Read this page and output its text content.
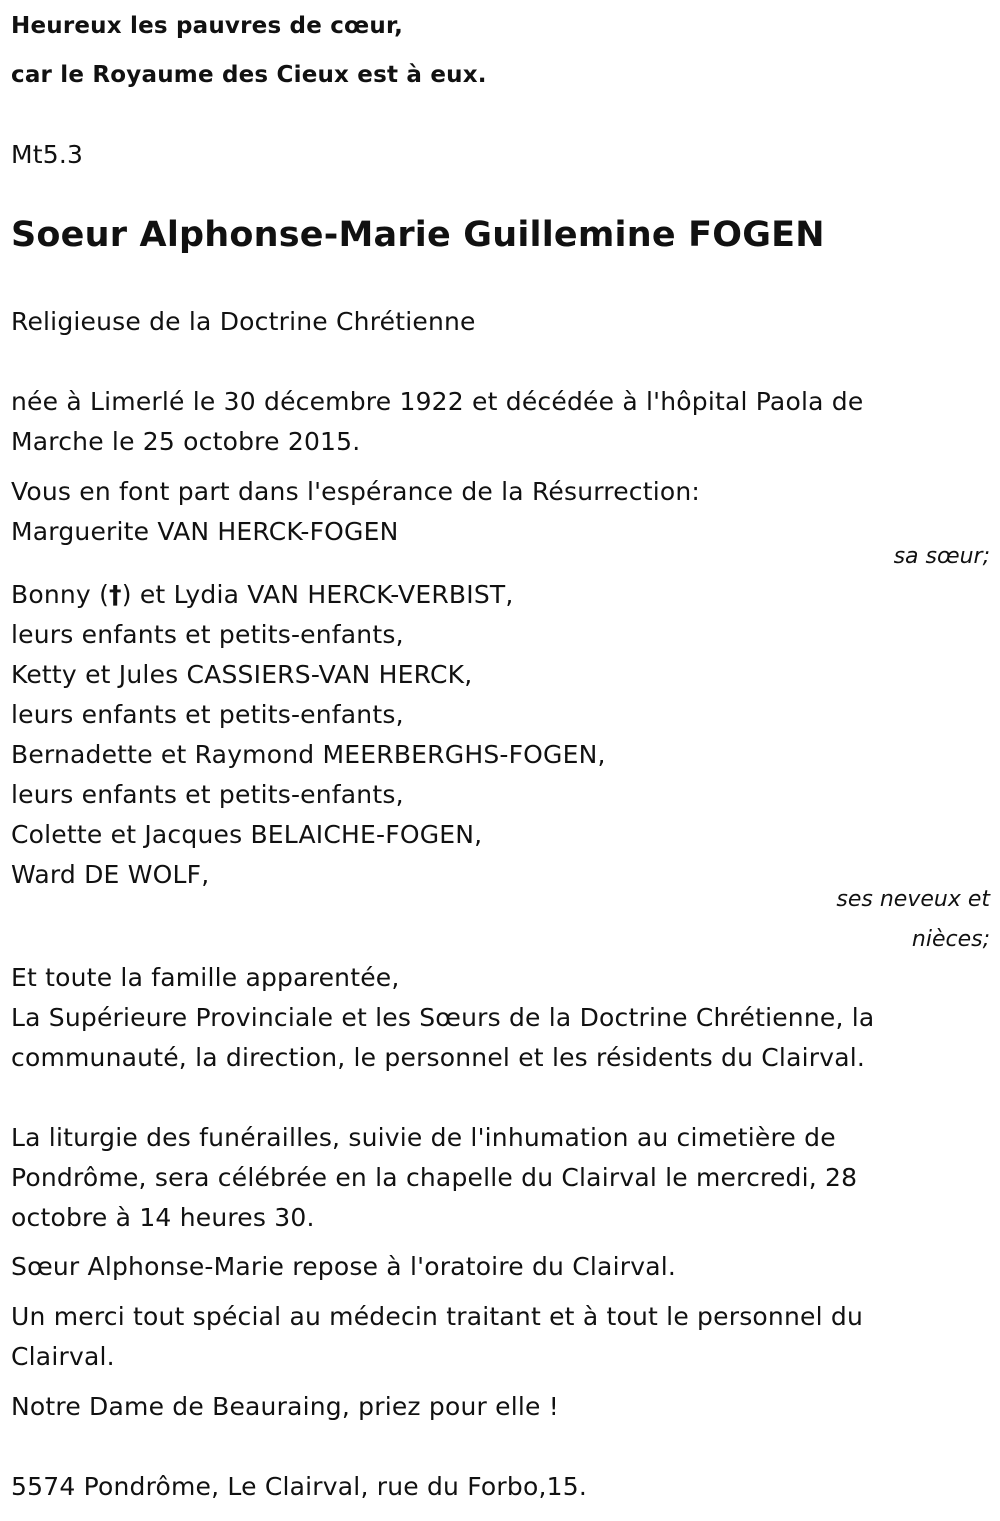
Heureux les pauvres de cœur,
car le Royaume des Cieux est à eux.
Mt5.3
Soeur Alphonse-Marie Guillemine FOGEN
Religieuse de la Doctrine Chrétienne
née à Limerlé le 30 décembre 1922 et décédée à l'hôpital Paola de
Marche le 25 octobre 2015.
Vous en font part dans l'espérance de la Résurrection:
Marguerite VAN HERCK-FOGEN
sa sœur;
Bonny (†) et Lydia VAN HERCK-VERBIST,
leurs enfants et petits-enfants,
Ketty et Jules CASSIERS-VAN HERCK,
leurs enfants et petits-enfants,
Bernadette et Raymond MEERBERGHS-FOGEN,
leurs enfants et petits-enfants,
Colette et Jacques BELAICHE-FOGEN,
Ward DE WOLF,
ses neveux et
nièces;
Et toute la famille apparentée,
La Supérieure Provinciale et les Sœurs de la Doctrine Chrétienne, la
communauté, la direction, le personnel et les résidents du Clairval.
La liturgie des funérailles, suivie de l'inhumation au cimetière de
Pondrôme, sera célébrée en la chapelle du Clairval le mercredi, 28
octobre à 14 heures 30.
Sœur Alphonse-Marie repose à l'oratoire du Clairval.
Un merci tout spécial au médecin traitant et à tout le personnel du
Clairval.
Notre Dame de Beauraing, priez pour elle !
5574 Pondrôme, Le Clairval, rue du Forbo,15.
